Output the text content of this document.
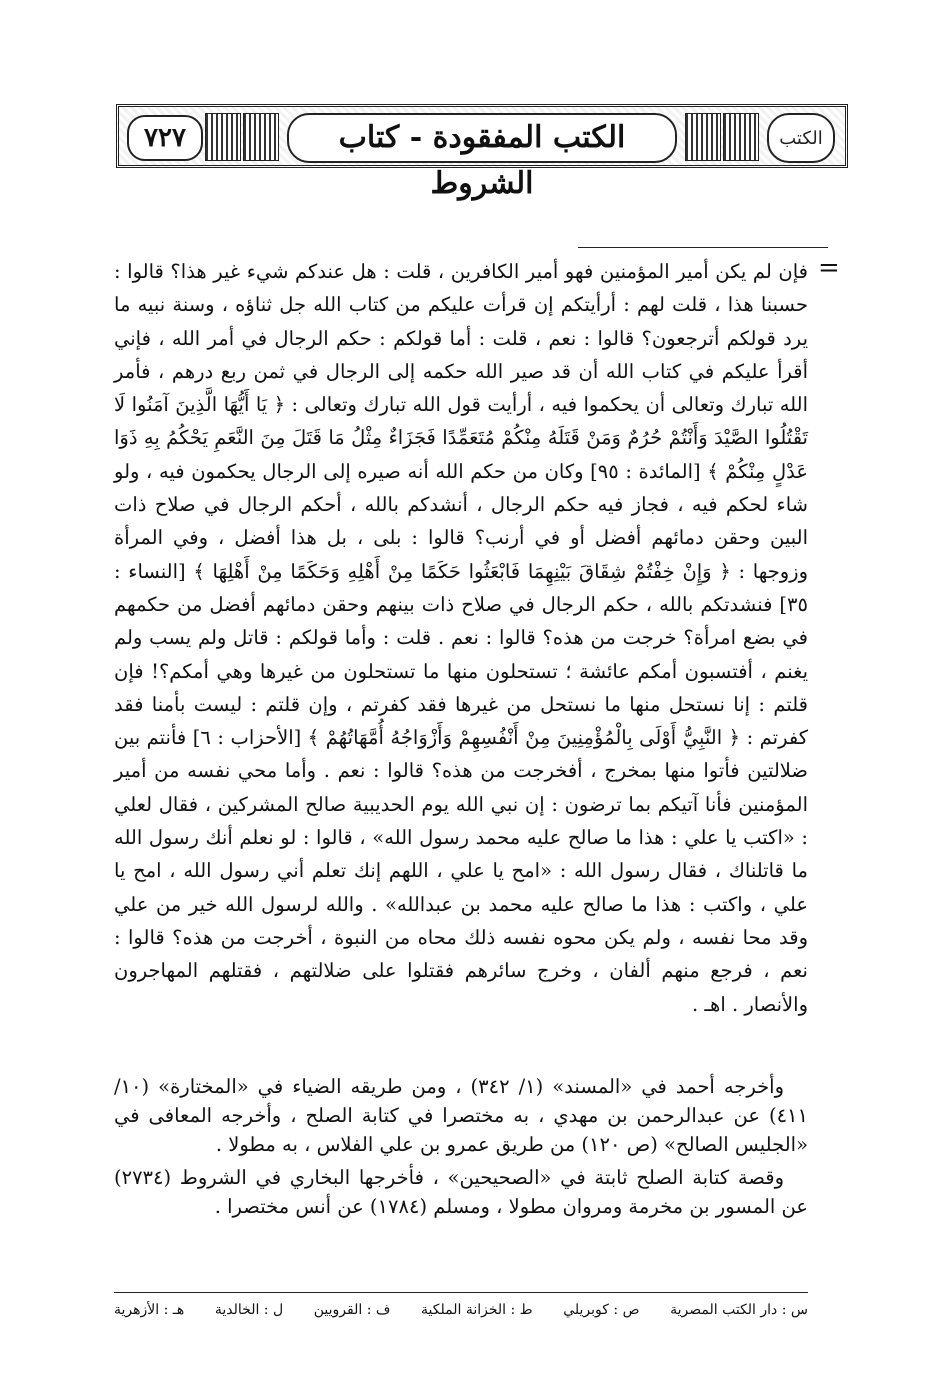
الكتب
الكتب المفقودة - كتاب الشروط
٧٢٧
=

فإن لم يكن أمير المؤمنين فهو أمير الكافرين ، قلت : هل عندكم شيء غير هذا؟ قالوا : حسبنا هذا ، قلت لهم : أرأيتكم إن قرأت عليكم من كتاب الله جل ثناؤه ، وسنة نبيه ما يرد قولكم أترجعون؟ قالوا : نعم ، قلت : أما قولكم : حكم الرجال في أمر الله ، فإني أقرأ عليكم في كتاب الله أن قد صير الله حكمه إلى الرجال في ثمن ربع درهم ، فأمر الله تبارك وتعالى أن يحكموا فيه ، أرأيت قول الله تبارك وتعالى : ﴿ يَا أَيُّهَا الَّذِينَ آمَنُوا لَا تَقْتُلُوا الصَّيْدَ وَأَنْتُمْ حُرُمٌ وَمَنْ قَتَلَهُ مِنْكُمْ مُتَعَمِّدًا فَجَزَاءٌ مِثْلُ مَا قَتَلَ مِنَ النَّعَمِ يَحْكُمُ بِهِ ذَوَا عَدْلٍ مِنْكُمْ ﴾ [المائدة : ٩٥] وكان من حكم الله أنه صيره إلى الرجال يحكمون فيه ، ولو شاء لحكم فيه ، فجاز فيه حكم الرجال ، أنشدكم بالله ، أحكم الرجال في صلاح ذات البين وحقن دمائهم أفضل أو في أرنب؟ قالوا : بلى ، بل هذا أفضل ، وفي المرأة وزوجها : ﴿ وَإِنْ خِفْتُمْ شِقَاقَ بَيْنِهِمَا فَابْعَثُوا حَكَمًا مِنْ أَهْلِهِ وَحَكَمًا مِنْ أَهْلِهَا ﴾ [النساء : ٣٥] فنشدتكم بالله ، حكم الرجال في صلاح ذات بينهم وحقن دمائهم أفضل من حكمهم في بضع امرأة؟ خرجت من هذه؟ قالوا : نعم . قلت : وأما قولكم : قاتل ولم يسب ولم يغنم ، أفتسبون أمكم عائشة ؛ تستحلون منها ما تستحلون من غيرها وهي أمكم؟! فإن قلتم : إنا نستحل منها ما نستحل من غيرها فقد كفرتم ، وإن قلتم : ليست بأمنا فقد كفرتم : ﴿ النَّبِيُّ أَوْلَى بِالْمُؤْمِنِينَ مِنْ أَنْفُسِهِمْ وَأَزْوَاجُهُ أُمَّهَاتُهُمْ ﴾ [الأحزاب : ٦] فأنتم بين ضلالتين فأتوا منها بمخرج ، أفخرجت من هذه؟ قالوا : نعم . وأما محي نفسه من أمير المؤمنين فأنا آتيكم بما ترضون : إن نبي الله يوم الحديبية صالح المشركين ، فقال لعلي : «اكتب يا علي : هذا ما صالح عليه محمد رسول الله» ، قالوا : لو نعلم أنك رسول الله ما قاتلناك ، فقال رسول الله : «امح يا علي ، اللهم إنك تعلم أني رسول الله ، امح يا علي ، واكتب : هذا ما صالح عليه محمد بن عبدالله» . والله لرسول الله خير من علي وقد محا نفسه ، ولم يكن محوه نفسه ذلك محاه من النبوة ، أخرجت من هذه؟ قالوا : نعم ، فرجع منهم ألفان ، وخرج سائرهم فقتلوا على ضلالتهم ، فقتلهم المهاجرون والأنصار . اهـ .

وأخرجه أحمد في «المسند» (١/ ٣٤٢) ، ومن طريقه الضياء في «المختارة» (١٠/ ٤١١) عن عبدالرحمن بن مهدي ، به مختصرا في كتابة الصلح ، وأخرجه المعافى في «الجليس الصالح» (ص ١٢٠) من طريق عمرو بن علي الفلاس ، به مطولا .

وقصة كتابة الصلح ثابتة في «الصحيحين» ، فأخرجها البخاري في الشروط (٢٧٣٤) عن المسور بن مخرمة ومروان مطولا ، ومسلم (١٧٨٤) عن أنس مختصرا .

س : دار الكتب المصرية
ص : كوبريلي
ط : الخزانة الملكية
ف : القرويين
ل : الخالدية
هـ : الأزهرية
